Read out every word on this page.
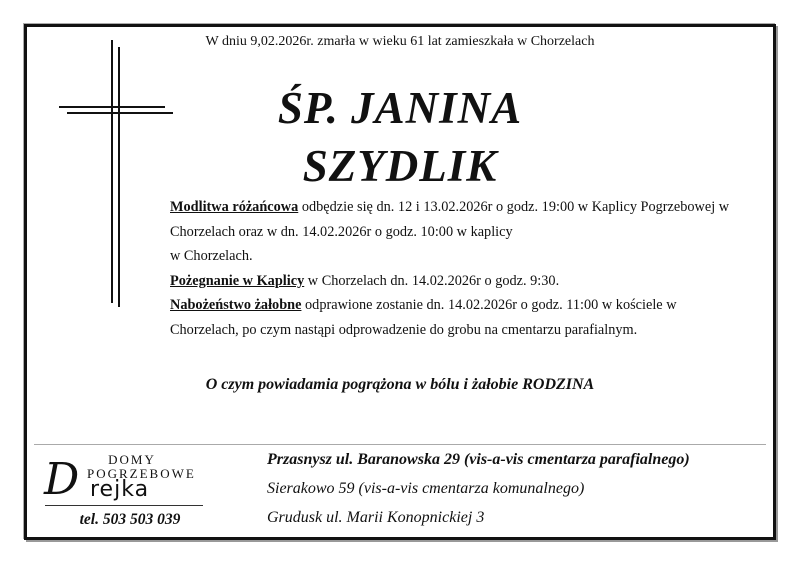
W dniu 9,02.2026r. zmarła w wieku 61 lat zamieszkała w Chorzelach
ŚP. JANINA
SZYDLIK
Modlitwa różańcowa odbędzie się dn. 12 i 13.02.2026r o godz. 19:00 w Kaplicy Pogrzebowej w Chorzelach oraz w dn. 14.02.2026r o godz. 10:00 w kaplicy
w Chorzelach.
Pożegnanie w Kaplicy w Chorzelach dn. 14.02.2026r o godz. 9:30.
Nabożeństwo żałobne odprawione zostanie dn. 14.02.2026r o godz. 11:00 w kościele w Chorzelach, po czym nastąpi odprowadzenie do grobu na cmentarzu parafialnym.
O czym powiadamia pogrążona w bólu i żałobie RODZINA
DOMY
D POGRZEBOWE
rejka
tel. 503 503 039
Przasnysz ul. Baranowska 29 (vis-a-vis cmentarza parafialnego)
Sierakowo 59 (vis-a-vis cmentarza komunalnego)
Grudusk ul. Marii Konopnickiej 3
